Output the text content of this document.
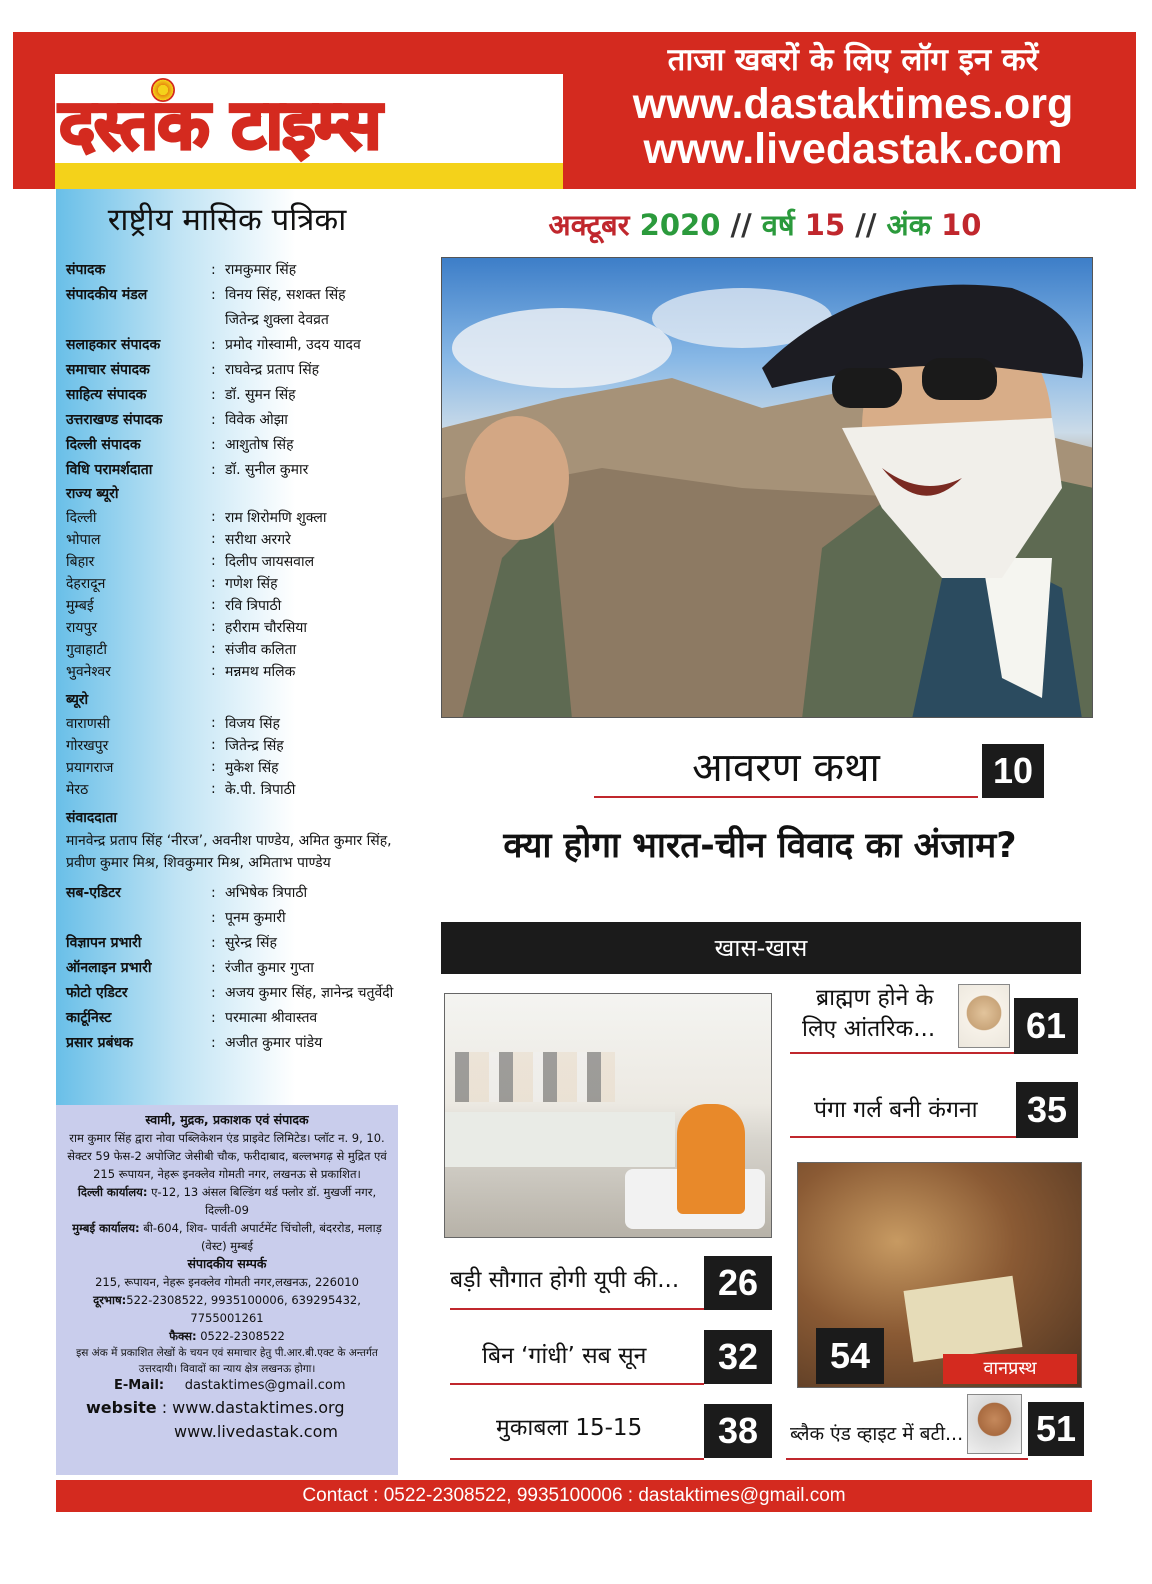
दस्तक टाइम्स
ताजा खबरों के लिए लॉग इन करें
www.dastaktimes.org
www.livedastak.com
राष्ट्रीय मासिक पत्रिका
संपादक	: रामकुमार सिंह
संपादकीय मंडल	: विनय सिंह, सशक्त सिंह
जितेन्द्र शुक्ला देवव्रत
सलाहकार संपादक	: प्रमोद गोस्वामी, उदय यादव
समाचार संपादक	: राघवेन्द्र प्रताप सिंह
साहित्य संपादक	: डॉ. सुमन सिंह
उत्तराखण्ड संपादक	: विवेक ओझा
दिल्ली संपादक	: आशुतोष सिंह
विधि परामर्शदाता	: डॉ. सुनील कुमार
राज्य ब्यूरो
दिल्ली	: राम शिरोमणि शुक्ला
भोपाल	: सरीथा अरगरे
बिहार	: दिलीप जायसवाल
देहरादून	: गणेश सिंह
मुम्बई	: रवि त्रिपाठी
रायपुर	: हरीराम चौरसिया
गुवाहाटी	: संजीव कलिता
भुवनेश्वर	: मन्नमथ मलिक
ब्यूरो
वाराणसी	: विजय सिंह
गोरखपुर	: जितेन्द्र सिंह
प्रयागराज	: मुकेश सिंह
मेरठ	: के.पी. त्रिपाठी
संवाददाता
मानवेन्द्र प्रताप सिंह ‘नीरज’, अवनीश पाण्डेय, अमित कुमार सिंह, प्रवीण कुमार मिश्र, शिवकुमार मिश्र, अमिताभ पाण्डेय
सब-एडिटर	: अभिषेक त्रिपाठी
: पूनम कुमारी
विज्ञापन प्रभारी	: सुरेन्द्र सिंह
ऑनलाइन प्रभारी	: रंजीत कुमार गुप्ता
फोटो एडिटर	: अजय कुमार सिंह, ज्ञानेन्द्र चतुर्वेदी
कार्टूनिस्ट	: परमात्मा श्रीवास्तव
प्रसार प्रबंधक	: अजीत कुमार पांडेय
स्वामी, मुद्रक, प्रकाशक एवं संपादक
राम कुमार सिंह द्वारा नोवा पब्लिकेशन एंड प्राइवेट लिमिटेड। प्लॉट न. 9, 10. सेक्टर 59 फेस-2 अपोजिट जेसीबी चौक, फरीदाबाद, बल्लभगढ़ से मुद्रित एवं 215 रूपायन, नेहरू इनक्लेव गोमती नगर, लखनऊ से प्रकाशित।
दिल्ली कार्यालय: ए-12, 13 अंसल बिल्डिंग थर्ड फ्लोर डॉ. मुखर्जी नगर, दिल्ली-09
मुम्बई कार्यालय: बी-604, शिव- पार्वती अपार्टमेंट चिंचोली, बंदररोड, मलाड़ (वेस्ट) मुम्बई
संपादकीय सम्पर्क
215, रूपायन, नेहरू इनक्लेव गोमती नगर,लखनऊ, 226010
दूरभाष:522-2308522, 9935100006, 639295432, 7755001261
फैक्स: 0522-2308522
इस अंक में प्रकाशित लेखों के चयन एवं समाचार हेतु पी.आर.बी.एक्ट के अन्तर्गत उत्तरदायी। विवादों का न्याय क्षेत्र लखनऊ होगा।
E-Mail: dastaktimes@gmail.com
website : www.dastaktimes.org
www.livedastak.com
अक्टूबर 2020 // वर्ष 15 // अंक 10
आवरण कथा	10
क्या होगा भारत-चीन विवाद का अंजाम?
खास-खास
बड़ी सौगात होगी यूपी की...	26
बिन ‘गांधी’ सब सून	32
मुकाबला 15-15	38
ब्राह्मण होने के
लिए आंतरिक...	61
पंगा गर्ल बनी कंगना	35
54	वानप्रस्थ
ब्लैक एंड व्हाइट में बटी... 51
Contact : 0522-2308522, 9935100006 : dastaktimes@gmail.com
